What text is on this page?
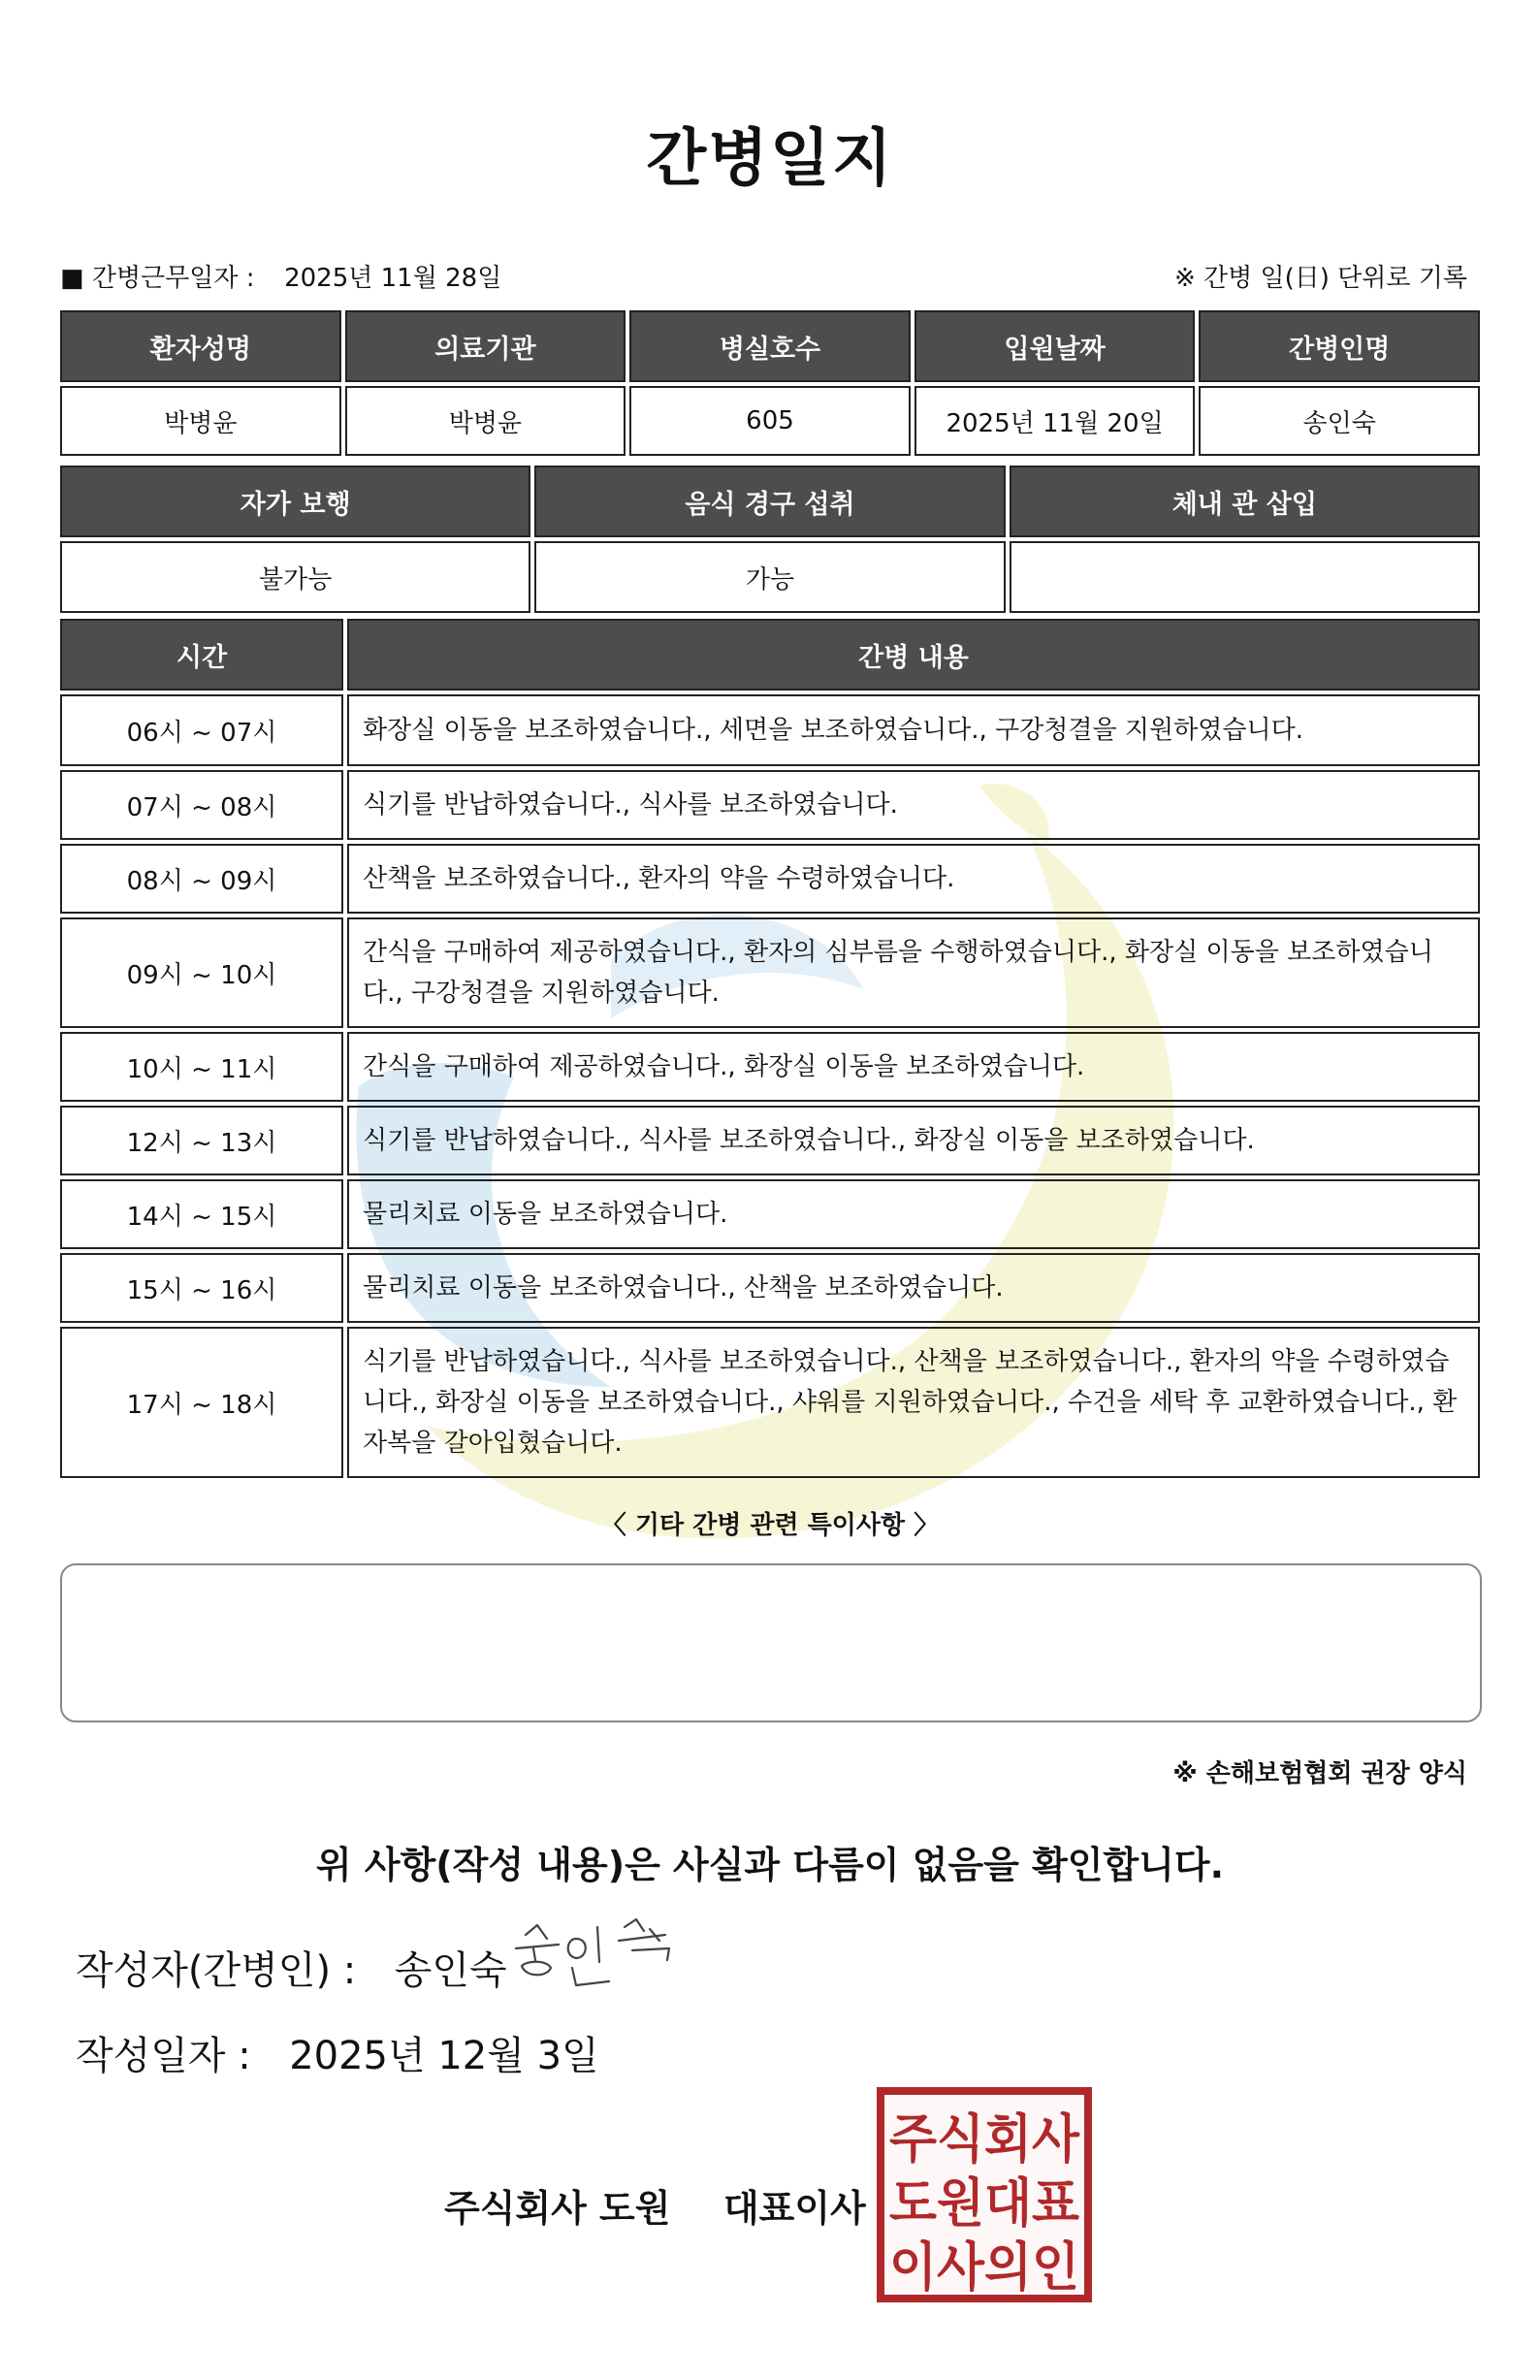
간병일지
■ 간병근무일자 : 2025년 11월 28일	※ 간병 일(日) 단위로 기록
환자성명	의료기관	병실호수	입원날짜	간병인명
박병윤	박병윤	605	2025년 11월 20일	송인숙
자가 보행	음식 경구 섭취	체내 관 삽입
불가능	가능	
시간	간병 내용
06시 ~ 07시	화장실 이동을 보조하였습니다., 세면을 보조하였습니다., 구강청결을 지원하였습니다.
07시 ~ 08시	식기를 반납하였습니다., 식사를 보조하였습니다.
08시 ~ 09시	산책을 보조하였습니다., 환자의 약을 수령하였습니다.
09시 ~ 10시	간식을 구매하여 제공하였습니다., 환자의 심부름을 수행하였습니다., 화장실 이동을 보조하였습니다., 구강청결을 지원하였습니다.
10시 ~ 11시	간식을 구매하여 제공하였습니다., 화장실 이동을 보조하였습니다.
12시 ~ 13시	식기를 반납하였습니다., 식사를 보조하였습니다., 화장실 이동을 보조하였습니다.
14시 ~ 15시	물리치료 이동을 보조하였습니다.
15시 ~ 16시	물리치료 이동을 보조하였습니다., 산책을 보조하였습니다.
17시 ~ 18시	식기를 반납하였습니다., 식사를 보조하였습니다., 산책을 보조하였습니다., 환자의 약을 수령하였습니다., 화장실 이동을 보조하였습니다., 샤워를 지원하였습니다., 수건을 세탁 후 교환하였습니다., 환자복을 갈아입혔습니다.
〈 기타 간병 관련 특이사항 〉
※ 손해보험협회 권장 양식
위 사항(작성 내용)은 사실과 다름이 없음을 확인합니다.
작성자(간병인) : 송인숙
작성일자 : 2025년 12월 3일
주식회사 도원 대표이사
주식회사
도원대표
이사의인
